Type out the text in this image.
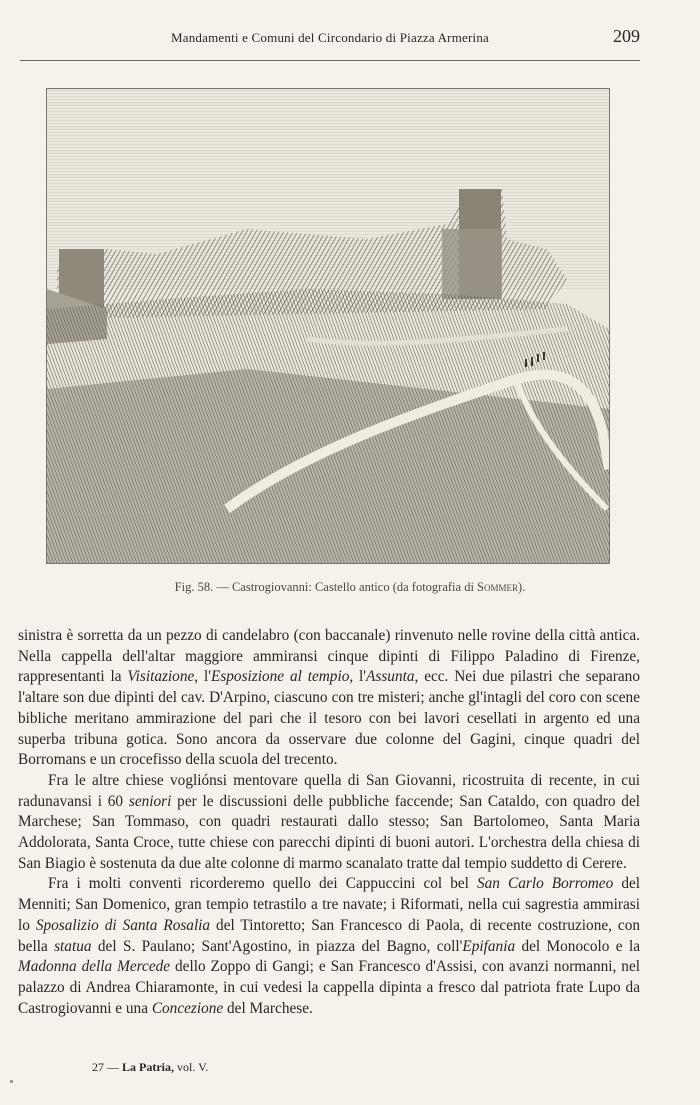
Mandamenti e Comuni del Circondario di Piazza Armerina	209
Fig. 58. — Castrogiovanni: Castello antico (da fotografia di Sommer).

sinistra è sorretta da un pezzo di candelabro (con baccanale) rinvenuto nelle rovine della città antica. Nella cappella dell'altar maggiore ammiransi cinque dipinti di Filippo Paladino di Firenze, rappresentanti la Visitazione, l'Esposizione al tempio, l'Assunta, ecc. Nei due pilastri che separano l'altare son due dipinti del cav. D'Arpino, ciascuno con tre misteri; anche gl'intagli del coro con scene bibliche meritano ammirazione del pari che il tesoro con bei lavori cesellati in argento ed una superba tribuna gotica. Sono ancora da osservare due colonne del Gagini, cinque quadri del Borromans e un crocefisso della scuola del trecento.

Fra le altre chiese vogliónsi mentovare quella di San Giovanni, ricostruita di recente, in cui radunavansi i 60 seniori per le discussioni delle pubbliche faccende; San Cataldo, con quadro del Marchese; San Tommaso, con quadri restaurati dallo stesso; San Bartolomeo, Santa Maria Addolorata, Santa Croce, tutte chiese con parecchi dipinti di buoni autori. L'orchestra della chiesa di San Biagio è sostenuta da due alte colonne di marmo scanalato tratte dal tempio suddetto di Cerere.

Fra i molti conventi ricorderemo quello dei Cappuccini col bel San Carlo Borromeo del Menniti; San Domenico, gran tempio tetrastilo a tre navate; i Riformati, nella cui sagrestia ammirasi lo Sposalizio di Santa Rosalia del Tintoretto; San Francesco di Paola, di recente costruzione, con bella statua del S. Paulano; Sant'Agostino, in piazza del Bagno, coll'Epifania del Monocolo e la Madonna della Mercede dello Zoppo di Gangi; e San Francesco d'Assisi, con avanzi normanni, nel palazzo di Andrea Chiaramonte, in cui vedesi la cappella dipinta a fresco dal patriota frate Lupo da Castrogiovanni e una Concezione del Marchese.

27 — La Patria, vol. V.
